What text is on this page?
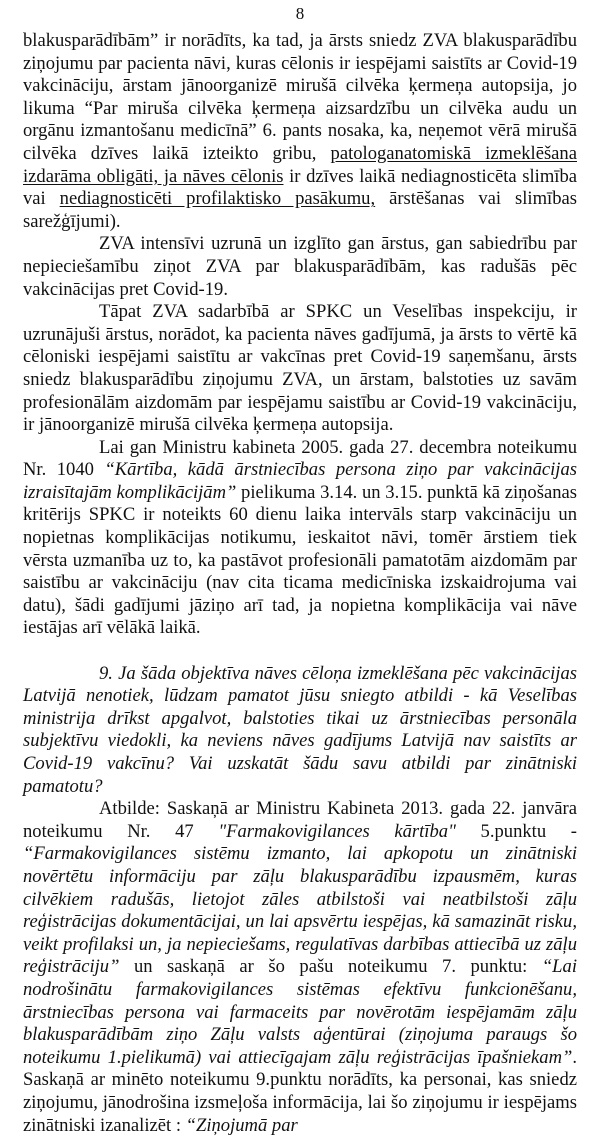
8

blakusparādībām” ir norādīts, ka tad, ja ārsts sniedz ZVA blakusparādību ziņojumu par pacienta nāvi, kuras cēlonis ir iespējami saistīts ar Covid-19 vakcināciju, ārstam jānoorganizē mirušā cilvēka ķermeņa autopsija, jo likuma “Par miruša cilvēka ķermeņa aizsardzību un cilvēka audu un orgānu izmantošanu medicīnā” 6. pants nosaka, ka, neņemot vērā mirušā cilvēka dzīves laikā izteikto gribu, patologanatomiskā izmeklēšana izdarāma obligāti, ja nāves cēlonis ir dzīves laikā nediagnosticēta slimība vai nediagnosticēti profilaktisko pasākumu, ārstēšanas vai slimības sarežģījumi).

ZVA intensīvi uzrunā un izglīto gan ārstus, gan sabiedrību par nepieciešamību ziņot ZVA par blakusparādībām, kas radušās pēc vakcinācijas pret Covid-19.

Tāpat ZVA sadarbībā ar SPKC un Veselības inspekciju, ir uzrunājuši ārstus, norādot, ka pacienta nāves gadījumā, ja ārsts to vērtē kā cēloniski iespējami saistītu ar vakcīnas pret Covid-19 saņemšanu, ārsts sniedz blakusparādību ziņojumu ZVA, un ārstam, balstoties uz savām profesionālām aizdomām par iespējamu saistību ar Covid-19 vakcināciju, ir jānoorganizē mirušā cilvēka ķermeņa autopsija.

Lai gan Ministru kabineta 2005. gada 27. decembra noteikumu Nr. 1040 “Kārtība, kādā ārstniecības persona ziņo par vakcinācijas izraisītajām komplikācijām” pielikuma 3.14. un 3.15. punktā kā ziņošanas kritērijs SPKC ir noteikts 60 dienu laika intervāls starp vakcināciju un nopietnas komplikācijas notikumu, ieskaitot nāvi, tomēr ārstiem tiek vērsta uzmanība uz to, ka pastāvot profesionāli pamatotām aizdomām par saistību ar vakcināciju (nav cita ticama medicīniska izskaidrojuma vai datu), šādi gadījumi jāziņo arī tad, ja nopietna komplikācija vai nāve iestājas arī vēlākā laikā.

9. Ja šāda objektīva nāves cēloņa izmeklēšana pēc vakcinācijas Latvijā nenotiek, lūdzam pamatot jūsu sniegto atbildi - kā Veselības ministrija drīkst apgalvot, balstoties tikai uz ārstniecības personāla subjektīvu viedokli, ka neviens nāves gadījums Latvijā nav saistīts ar Covid-19 vakcīnu? Vai uzskatāt šādu savu atbildi par zinātniski pamatotu?

Atbilde: Saskaņā ar Ministru Kabineta 2013. gada 22. janvāra noteikumu Nr. 47 "Farmakovigilances kārtība" 5.punktu - “Farmakovigilances sistēmu izmanto, lai apkopotu un zinātniski novērtētu informāciju par zāļu blakusparādību izpausmēm, kuras cilvēkiem radušās, lietojot zāles atbilstoši vai neatbilstoši zāļu reģistrācijas dokumentācijai, un lai apsvērtu iespējas, kā samazināt risku, veikt profilaksi un, ja nepieciešams, regulatīvas darbības attiecībā uz zāļu reģistrāciju” un saskaņā ar šo pašu noteikumu 7. punktu: “Lai nodrošinātu farmakovigilances sistēmas efektīvu funkcionēšanu, ārstniecības persona vai farmaceits par novērotām iespējamām zāļu blakusparādībām ziņo Zāļu valsts aģentūrai (ziņojuma paraugs šo noteikumu 1.pielikumā) vai attiecīgajam zāļu reģistrācijas īpašniekam”. Saskaņā ar minēto noteikumu 9.punktu norādīts, ka personai, kas sniedz ziņojumu, jānodrošina izsmeļoša informācija, lai šo ziņojumu ir iespējams zinātniski izanalizēt : “Ziņojumā par
